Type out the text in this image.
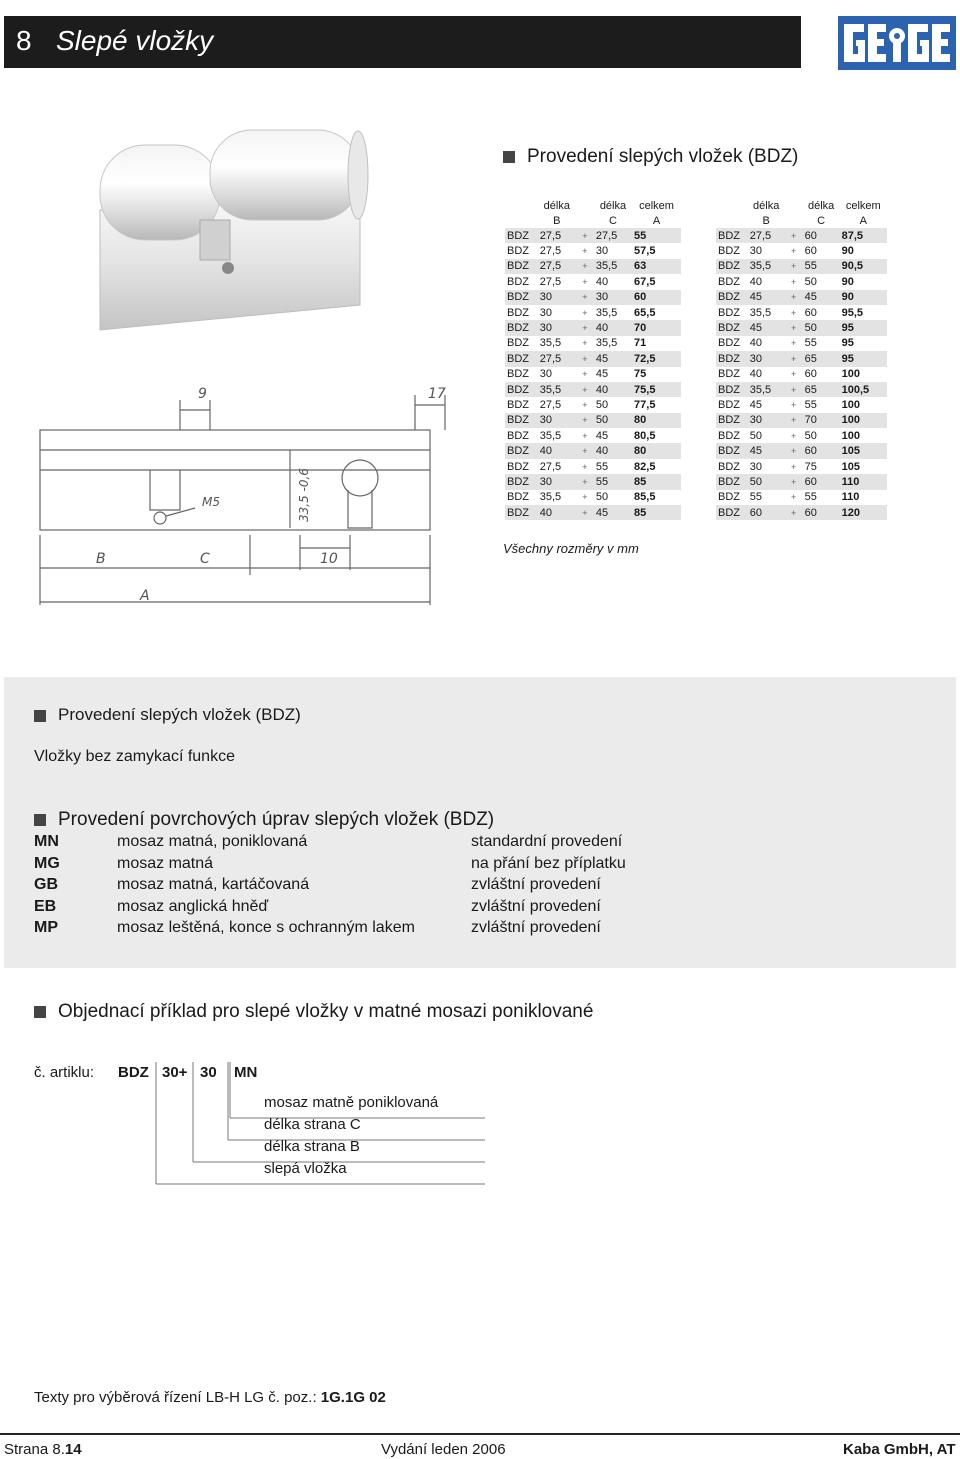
8 Slepé vložky
9	17
33,5 -0,6
M5
10
B	C
A
Provedení slepých vložek (BDZ)
	délka		délka	celkem
	B		C	A
BDZ	27,5	+	27,5	55
BDZ	27,5	+	30	57,5
BDZ	27,5	+	35,5	63
BDZ	27,5	+	40	67,5
BDZ	30	+	30	60
BDZ	30	+	35,5	65,5
BDZ	30	+	40	70
BDZ	35,5	+	35,5	71
BDZ	27,5	+	45	72,5
BDZ	30	+	45	75
BDZ	35,5	+	40	75,5
BDZ	27,5	+	50	77,5
BDZ	30	+	50	80
BDZ	35,5	+	45	80,5
BDZ	40	+	40	80
BDZ	27,5	+	55	82,5
BDZ	30	+	55	85
BDZ	35,5	+	50	85,5
BDZ	40	+	45	85
	délka		délka	celkem
	B		C	A
BDZ	27,5	+	60	87,5
BDZ	30	+	60	90
BDZ	35,5	+	55	90,5
BDZ	40	+	50	90
BDZ	45	+	45	90
BDZ	35,5	+	60	95,5
BDZ	45	+	50	95
BDZ	40	+	55	95
BDZ	30	+	65	95
BDZ	40	+	60	100
BDZ	35,5	+	65	100,5
BDZ	45	+	55	100
BDZ	30	+	70	100
BDZ	50	+	50	100
BDZ	45	+	60	105
BDZ	30	+	75	105
BDZ	50	+	60	110
BDZ	55	+	55	110
BDZ	60	+	60	120
Všechny rozměry v mm
Provedení slepých vložek (BDZ)
Vložky bez zamykací funkce
Provedení povrchových úprav slepých vložek (BDZ)
MN	mosaz matná, poniklovaná	standardní provedení
MG	mosaz matná	na přání bez příplatku
GB	mosaz matná, kartáčovaná	zvláštní provedení
EB	mosaz anglická hněď	zvláštní provedení
MP	mosaz leštěná, konce s ochranným lakem	zvláštní provedení
Objednací příklad pro slepé vložky v matné mosazi poniklované
č. artiklu: BDZ 30+ 30 MN
mosaz matně poniklovaná
délka strana C
délka strana B
slepá vložka
Texty pro výběrová řízení LB-H LG č. poz.: 1G.1G 02
Strana 8.14	Vydání leden 2006	Kaba GmbH, AT
